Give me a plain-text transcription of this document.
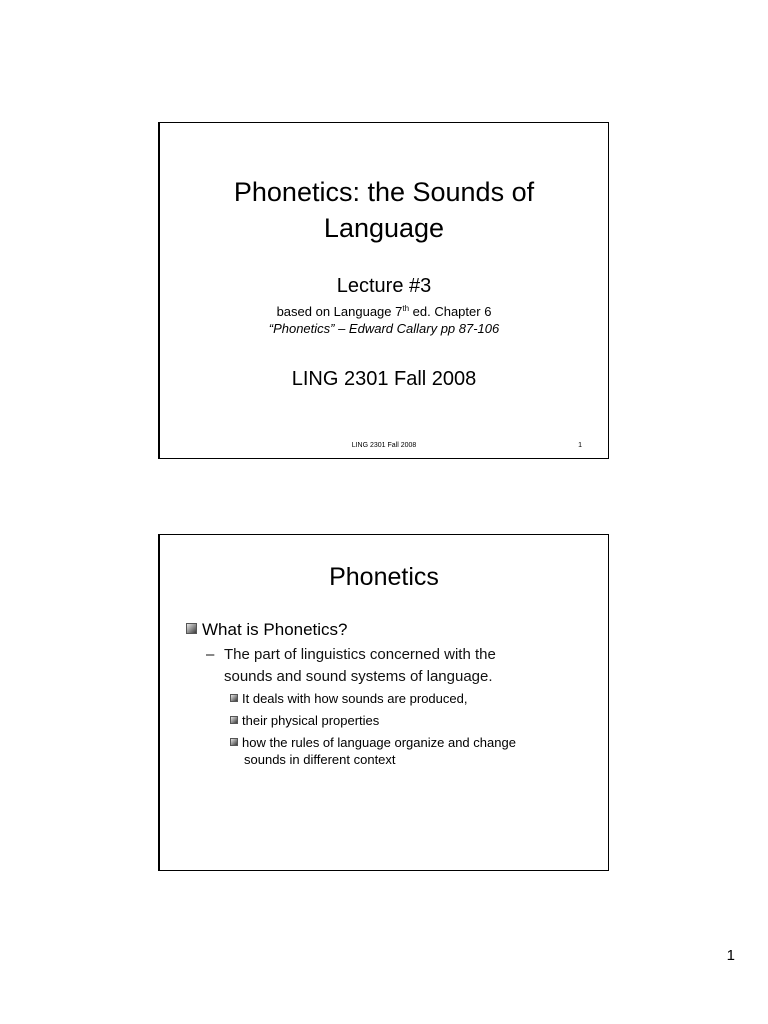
Phonetics: the Sounds of
Language
Lecture #3
based on Language 7th ed. Chapter 6
“Phonetics” – Edward Callary pp 87-106
LING 2301 Fall 2008
LING 2301 Fall 2008	1
Phonetics
What is Phonetics?
– The part of linguistics concerned with the
sounds and sound systems of language.
It deals with how sounds are produced,
their physical properties
how the rules of language organize and change
sounds in different context
1
